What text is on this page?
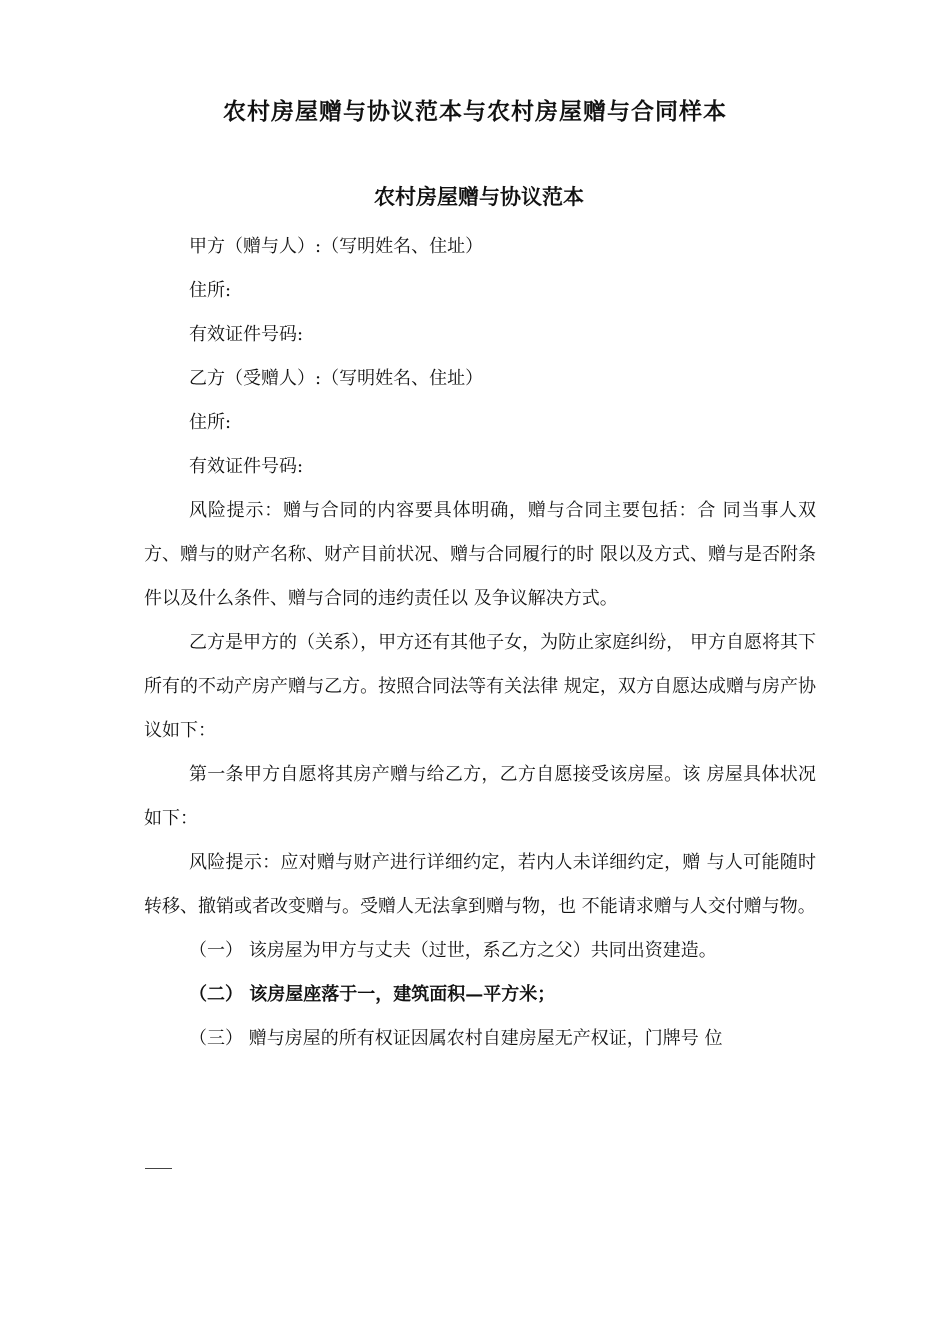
农村房屋赠与协议范本与农村房屋赠与合同样本
农村房屋赠与协议范本

甲方（赠与人）:（写明姓名、住址）

住所:

有效证件号码:

乙方（受赠人）:（写明姓名、住址）

住所:

有效证件号码:

风险提示：赠与合同的内容要具体明确，赠与合同主要包括：合 同当事人双方、赠与的财产名称、财产目前状况、赠与合同履行的时 限以及方式、赠与是否附条件以及什么条件、赠与合同的违约责任以 及争议解决方式。

乙方是甲方的（关系），甲方还有其他子女，为防止家庭纠纷， 甲方自愿将其下所有的不动产房产赠与乙方。按照合同法等有关法律 规定，双方自愿达成赠与房产协议如下：

第一条甲方自愿将其房产赠与给乙方，乙方自愿接受该房屋。该 房屋具体状况如下：

风险提示：应对赠与财产进行详细约定，若内人未详细约定，赠 与人可能随时转移、撤销或者改变赠与。受赠人无法拿到赠与物，也 不能请求赠与人交付赠与物。

（一） 该房屋为甲方与丈夫（过世，系乙方之父）共同出资建造。

（二） 该房屋座落于一，建筑面积—平方米；

（三） 赠与房屋的所有权证因属农村自建房屋无产权证，门牌号 位
